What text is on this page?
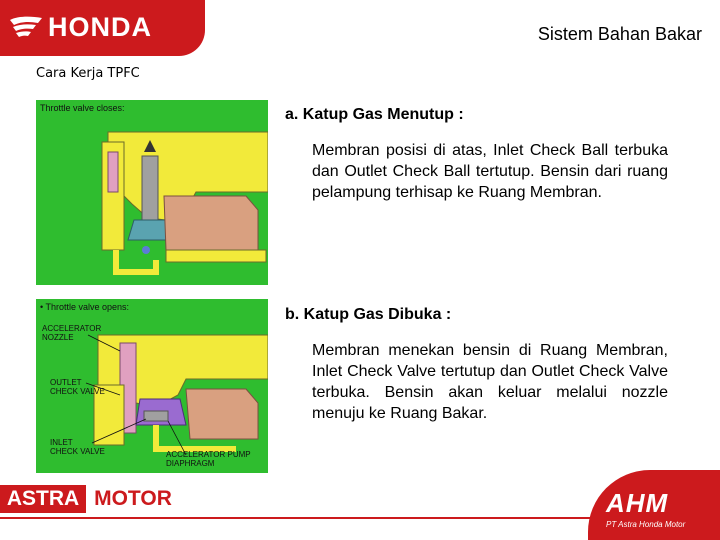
HONDA	Sistem Bahan Bakar
Cara Kerja TPFC
Throttle valve closes:
• Throttle valve opens:
ACCELERATOR
NOZZLE
OUTLET
CHECK VALVE
INLET
CHECK VALVE	ACCELERATOR PUMP
DIAPHRAGM
a. Katup Gas Menutup :
Membran posisi di atas, Inlet Check Ball terbuka dan Outlet Check Ball tertutup. Bensin dari ruang pelampung terhisap ke Ruang Membran.
b. Katup Gas Dibuka :
Membran menekan bensin di Ruang Membran, Inlet Check Valve tertutup dan Outlet Check Valve terbuka. Bensin akan keluar melalui nozzle menuju ke Ruang Bakar.
ASTRA MOTOR	AHM
PT Astra Honda Motor
